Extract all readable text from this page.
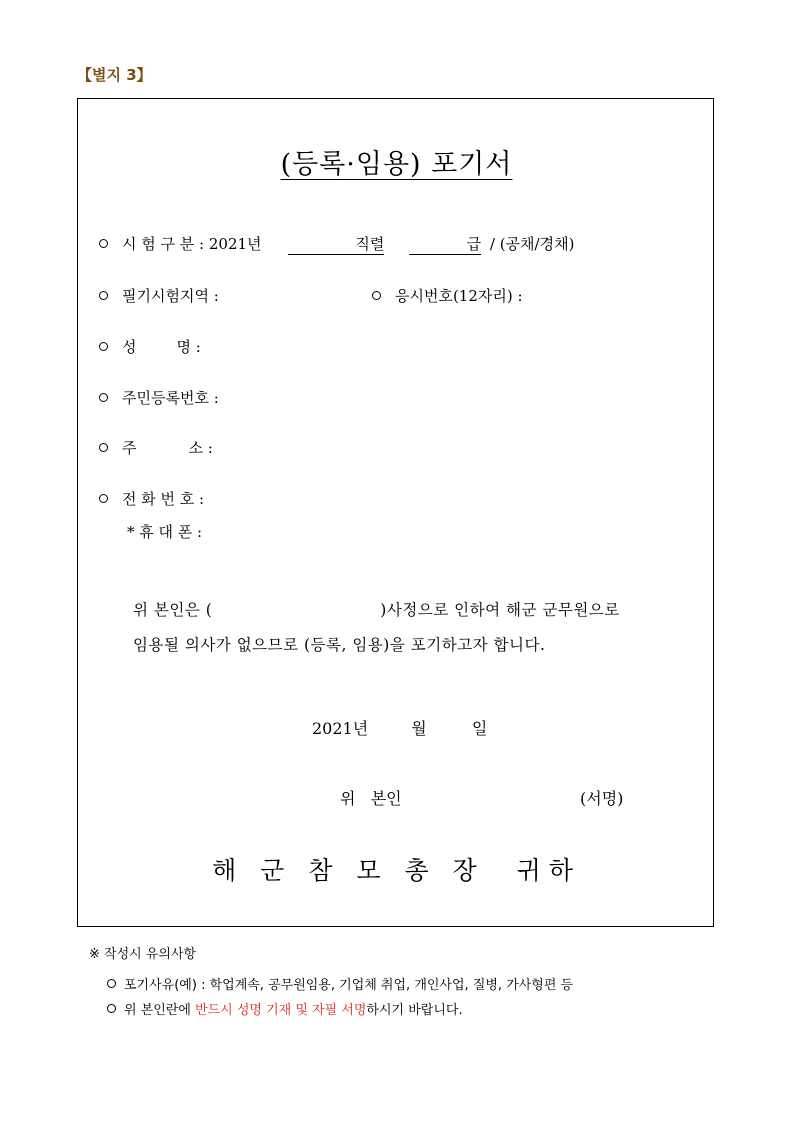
【별지 3】
(등록·임용) 포기서
시 험 구 분 : 2021년	직렬	급 / (공채/경채)
필기시험지역 :	응시번호(12자리) :
성	명 :
주민등록번호 :
주	소 :
전 화 번 호 :
* 휴 대 폰 :
위 본인은 (	)사정으로 인하여 해군 군무원으로
임용될 의사가 없으므로 (등록, 임용)을 포기하고자 합니다.
2021년	월	일
위   본인	(서명)
해 군 참 모 총 장  귀하
※ 작성시 유의사항
포기사유(예) : 학업계속, 공무원임용, 기업체 취업, 개인사업, 질병, 가사형편 등
위 본인란에 반드시 성명 기재 및 자필 서명하시기 바랍니다.
